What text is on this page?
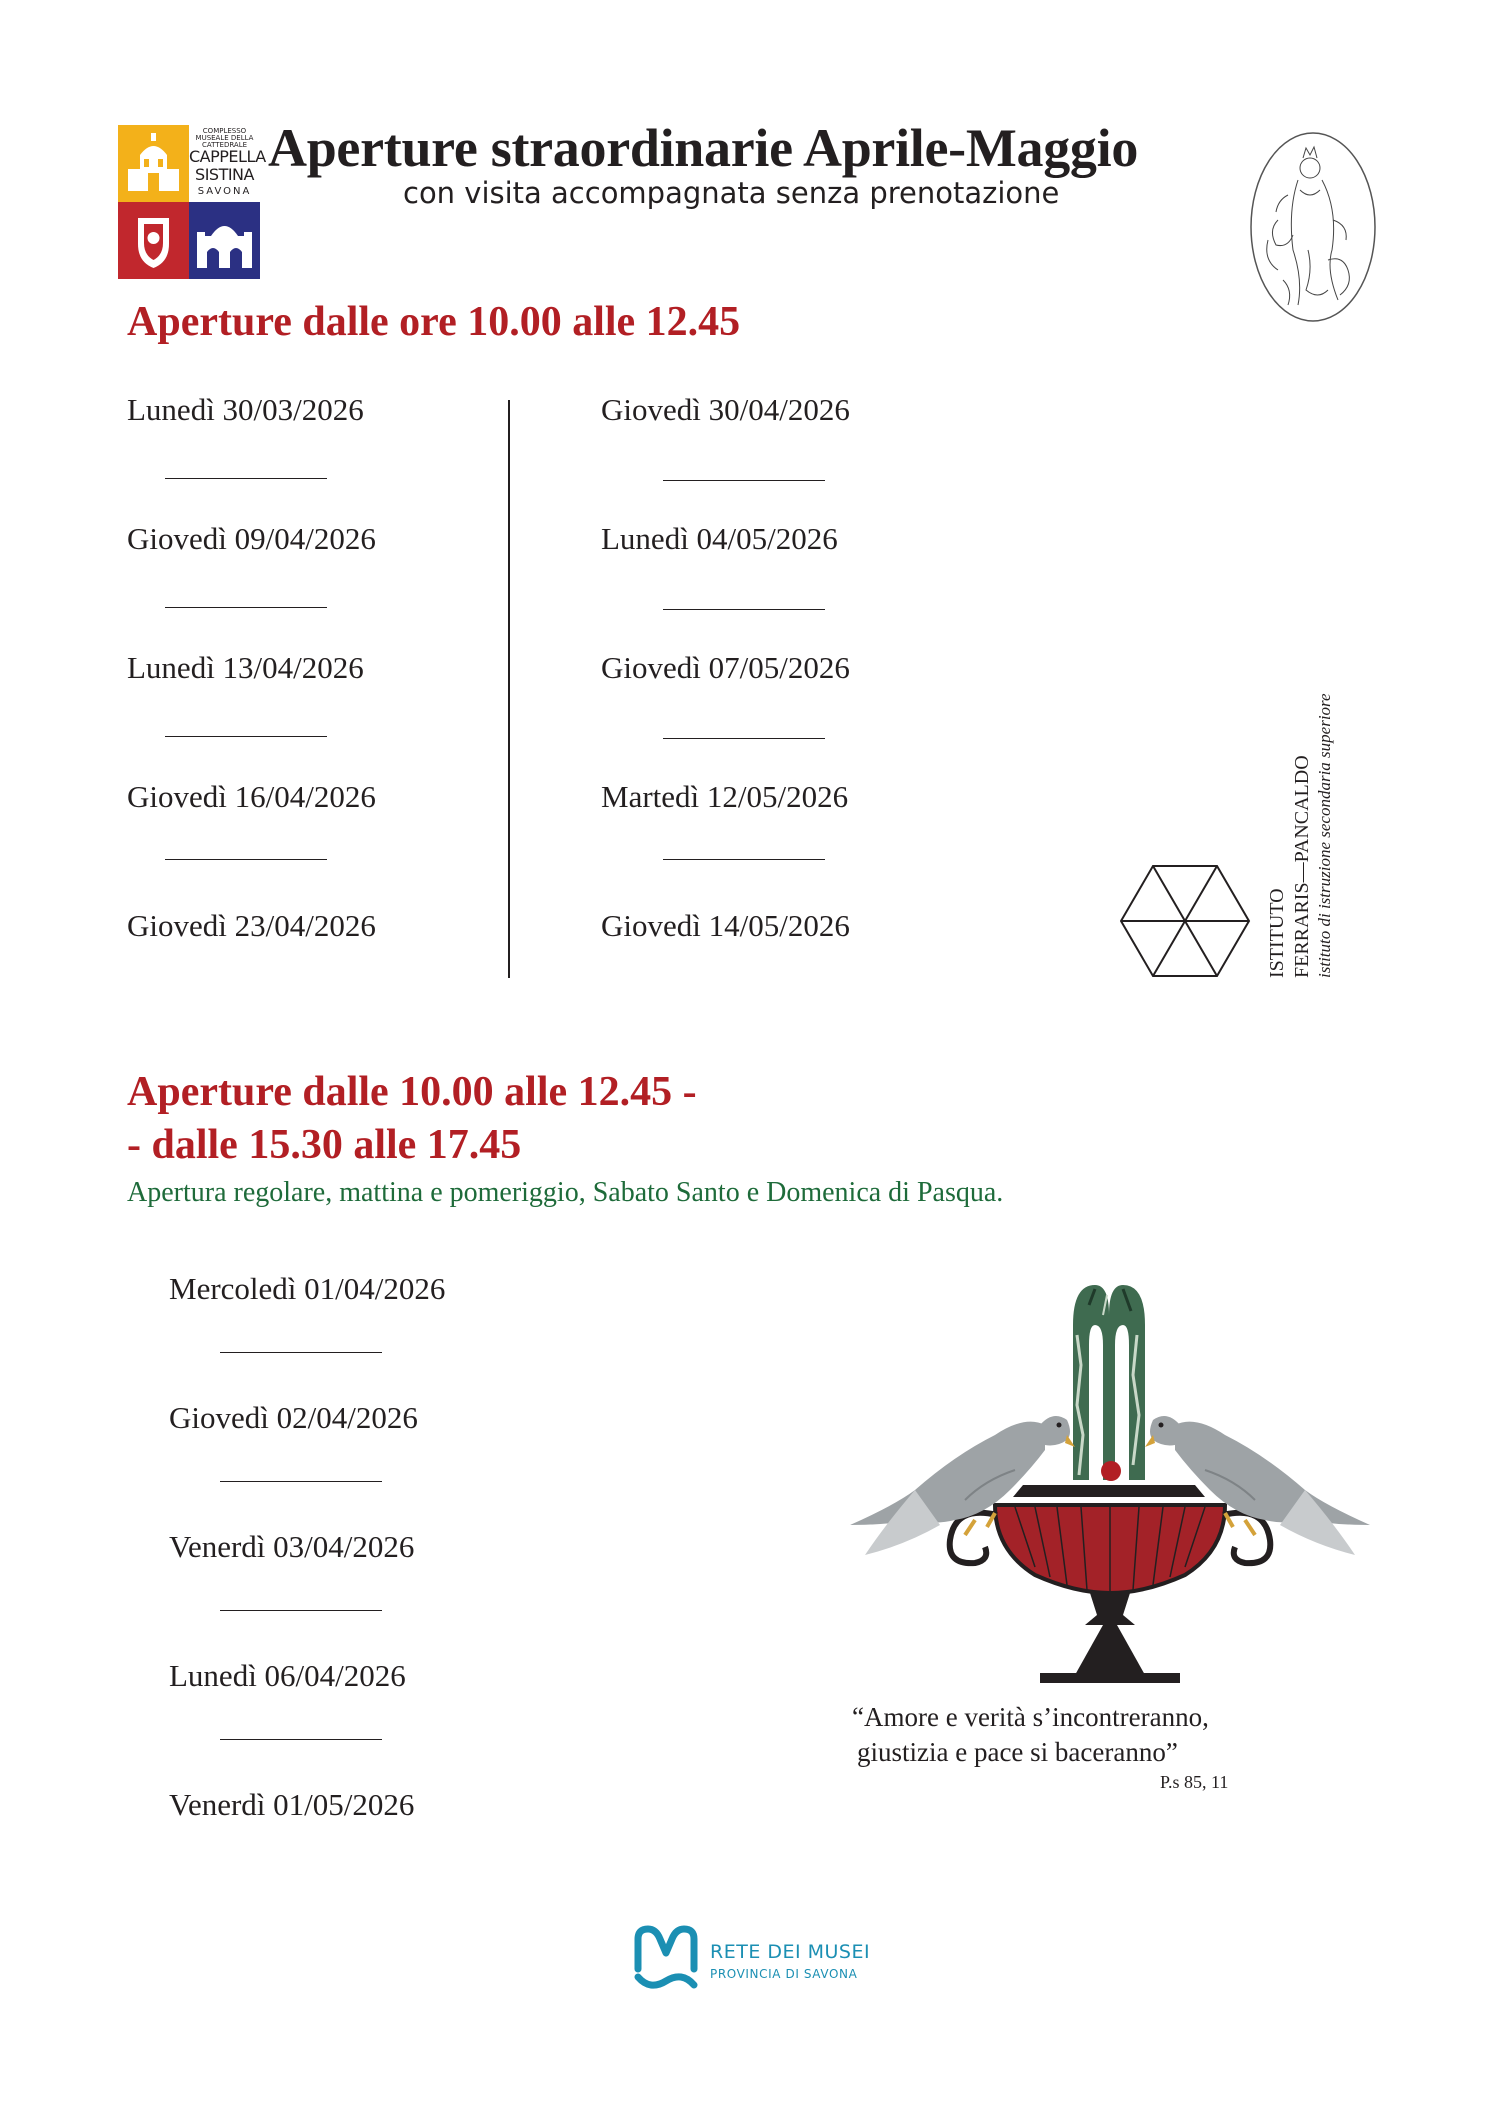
COMPLESSO MUSEALE DELLA CATTEDRALE
CAPPELLA
SISTINA
SAVONA
Aperture straordinarie Aprile-Maggio
con visita accompagnata senza prenotazione
Aperture dalle ore 10.00 alle 12.45
Lunedì 30/03/2026
Giovedì 09/04/2026
Lunedì 13/04/2026
Giovedì 16/04/2026
Giovedì 23/04/2026
Giovedì 30/04/2026
Lunedì 04/05/2026
Giovedì 07/05/2026
Martedì 12/05/2026
Giovedì 14/05/2026	ISTITUTO FERRARIS—PANCALDO istituto di istruzione secondaria superiore
Aperture dalle 10.00 alle 12.45 -
- dalle 15.30 alle 17.45
Apertura regolare, mattina e pomeriggio, Sabato Santo e Domenica di Pasqua.
Mercoledì 01/04/2026
Giovedì 02/04/2026
Venerdì 03/04/2026
Lunedì 06/04/2026
Venerdì 01/05/2026
“Amore e verità s’incontreranno,
giustizia e pace si baceranno”
P.s 85, 11
RETE DEI MUSEI
PROVINCIA DI SAVONA
